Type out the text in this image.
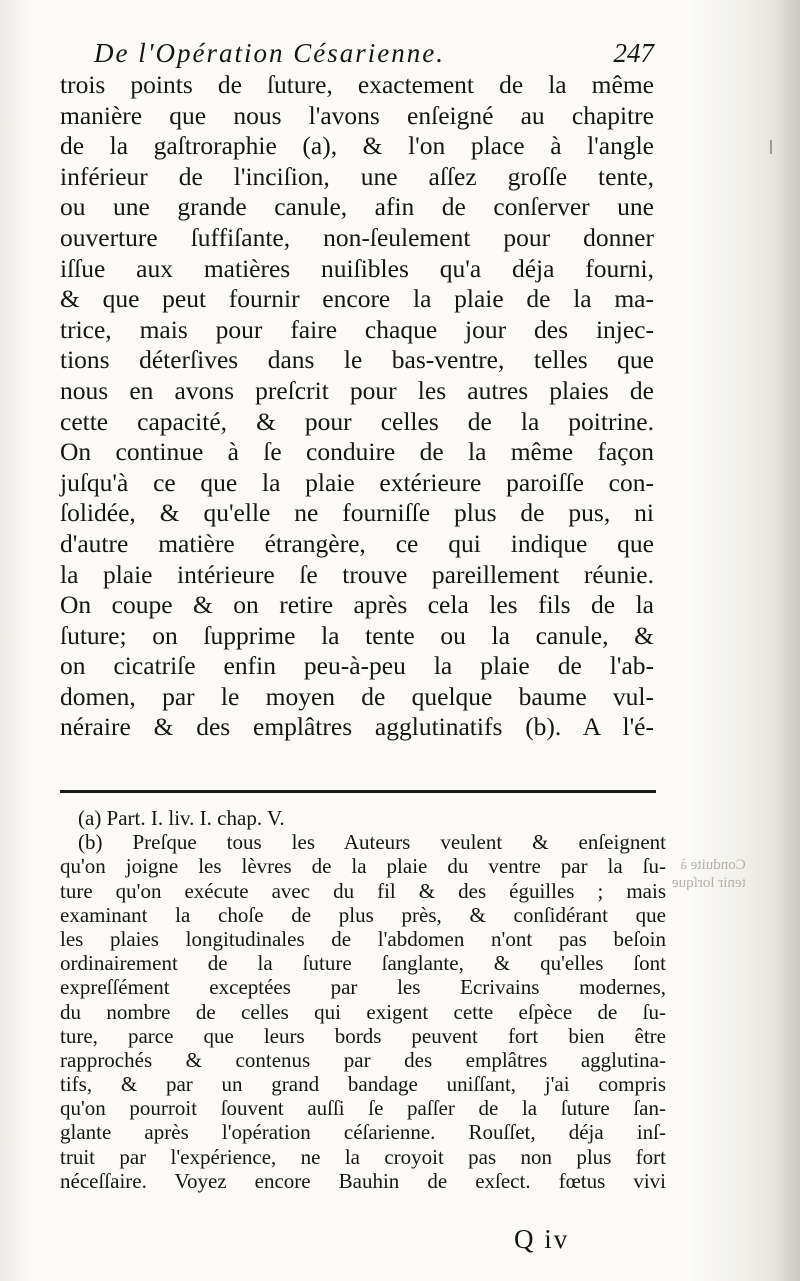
De l'Opération Césarienne.	247
trois points de ſuture, exactement de la même
manière que nous l'avons enſeigné au chapitre
de la gaſtroraphie (a), & l'on place à l'angle
inférieur de l'inciſion, une aſſez groſſe tente,
ou une grande canule, afin de conſerver une
ouverture ſuffiſante, non-ſeulement pour donner
iſſue aux matières nuiſibles qu'a déja fourni,
& que peut fournir encore la plaie de la ma-
trice, mais pour faire chaque jour des injec-
tions déterſives dans le bas-ventre, telles que
nous en avons preſcrit pour les autres plaies de
cette capacité, & pour celles de la poitrine.
On continue à ſe conduire de la même façon
juſqu'à ce que la plaie extérieure paroiſſe con-
ſolidée, & qu'elle ne fourniſſe plus de pus, ni
d'autre matière étrangère, ce qui indique que
la plaie intérieure ſe trouve pareillement réunie.
On coupe & on retire après cela les fils de la
ſuture; on ſupprime la tente ou la canule, &
on cicatriſe enfin peu-à-peu la plaie de l'ab-
domen, par le moyen de quelque baume vul-
néraire & des emplâtres agglutinatifs (b). A l'é-
(a) Part. I. liv. I. chap. V.
(b) Preſque tous les Auteurs veulent & enſeignent
qu'on joigne les lèvres de la plaie du ventre par la ſu-
ture qu'on exécute avec du fil & des éguilles ; mais
examinant la choſe de plus près, & conſidérant que
les plaies longitudinales de l'abdomen n'ont pas beſoin
ordinairement de la ſuture ſanglante, & qu'elles ſont
expreſſément exceptées par les Ecrivains modernes,
du nombre de celles qui exigent cette eſpèce de ſu-
ture, parce que leurs bords peuvent fort bien être
rapprochés & contenus par des emplâtres agglutina-
tifs, & par un grand bandage uniſſant, j'ai compris
qu'on pourroit ſouvent auſſi ſe paſſer de la ſuture ſan-
glante après l'opération céſarienne. Rouſſet, déja inſ-
truit par l'expérience, ne la croyoit pas non plus fort
néceſſaire. Voyez encore Bauhin de exſect. fœtus vivi
Conduite à
tenir lorſque
Q iv
